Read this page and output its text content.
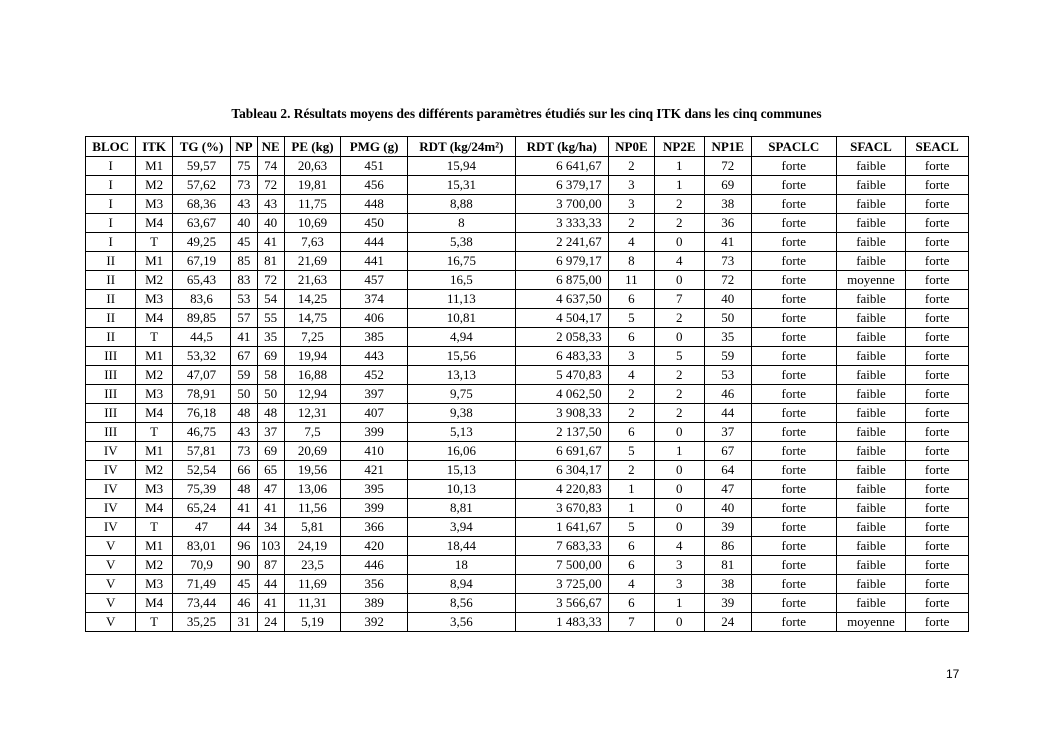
Tableau 2. Résultats moyens des différents paramètres étudiés sur les cinq ITK dans les cinq communes
BLOC	ITK	TG (%)	NP	NE	PE (kg)	PMG (g)	RDT (kg/24m²)	RDT (kg/ha)	NP0E	NP2E	NP1E	SPACLC	SFACL	SEACL
I	M1	59,57	75	74	20,63	451	15,94	6 641,67	2	1	72	forte	faible	forte
I	M2	57,62	73	72	19,81	456	15,31	6 379,17	3	1	69	forte	faible	forte
I	M3	68,36	43	43	11,75	448	8,88	3 700,00	3	2	38	forte	faible	forte
I	M4	63,67	40	40	10,69	450	8	3 333,33	2	2	36	forte	faible	forte
I	T	49,25	45	41	7,63	444	5,38	2 241,67	4	0	41	forte	faible	forte
II	M1	67,19	85	81	21,69	441	16,75	6 979,17	8	4	73	forte	faible	forte
II	M2	65,43	83	72	21,63	457	16,5	6 875,00	11	0	72	forte	moyenne	forte
II	M3	83,6	53	54	14,25	374	11,13	4 637,50	6	7	40	forte	faible	forte
II	M4	89,85	57	55	14,75	406	10,81	4 504,17	5	2	50	forte	faible	forte
II	T	44,5	41	35	7,25	385	4,94	2 058,33	6	0	35	forte	faible	forte
III	M1	53,32	67	69	19,94	443	15,56	6 483,33	3	5	59	forte	faible	forte
III	M2	47,07	59	58	16,88	452	13,13	5 470,83	4	2	53	forte	faible	forte
III	M3	78,91	50	50	12,94	397	9,75	4 062,50	2	2	46	forte	faible	forte
III	M4	76,18	48	48	12,31	407	9,38	3 908,33	2	2	44	forte	faible	forte
III	T	46,75	43	37	7,5	399	5,13	2 137,50	6	0	37	forte	faible	forte
IV	M1	57,81	73	69	20,69	410	16,06	6 691,67	5	1	67	forte	faible	forte
IV	M2	52,54	66	65	19,56	421	15,13	6 304,17	2	0	64	forte	faible	forte
IV	M3	75,39	48	47	13,06	395	10,13	4 220,83	1	0	47	forte	faible	forte
IV	M4	65,24	41	41	11,56	399	8,81	3 670,83	1	0	40	forte	faible	forte
IV	T	47	44	34	5,81	366	3,94	1 641,67	5	0	39	forte	faible	forte
V	M1	83,01	96	103	24,19	420	18,44	7 683,33	6	4	86	forte	faible	forte
V	M2	70,9	90	87	23,5	446	18	7 500,00	6	3	81	forte	faible	forte
V	M3	71,49	45	44	11,69	356	8,94	3 725,00	4	3	38	forte	faible	forte
V	M4	73,44	46	41	11,31	389	8,56	3 566,67	6	1	39	forte	faible	forte
V	T	35,25	31	24	5,19	392	3,56	1 483,33	7	0	24	forte	moyenne	forte
17
